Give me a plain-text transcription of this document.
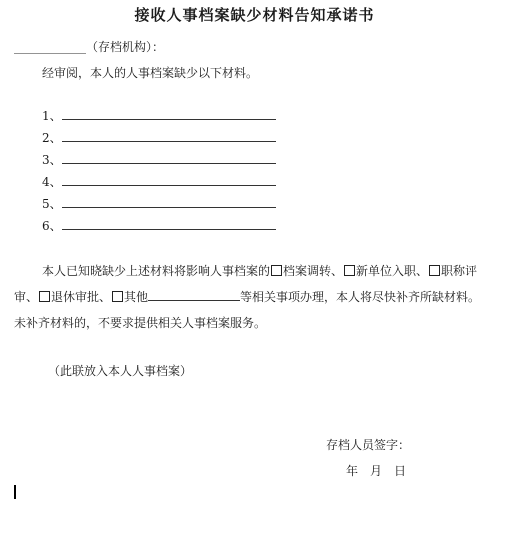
接收人事档案缺少材料告知承诺书
____________（存档机构）：
经审阅，本人的人事档案缺少以下材料。
1、
2、
3、
4、
5、
6、
本人已知晓缺少上述材料将影响人事档案的 档案调转、 新单位入职、 职称评审、 退休审批、 其他	等相关事项办理，本人将尽快补齐所缺材料。未补齐材料的，不要求提供相关人事档案服务。
（此联放入本人人事档案）
存档人员签字：
年　月　日
